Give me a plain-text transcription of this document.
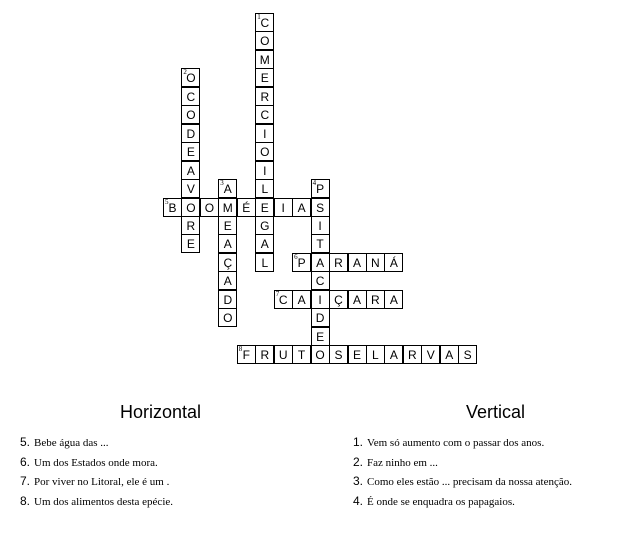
C
1
O
M
E
R
C
I
O
I
L
E
G
A
L
O
2
C
O
D
E
A
V
O
R
E
A
3
M
E
A
Ç
A
D
O
P
4
S
I
T
A
C
I
D
E
B
5	O	É	I	A
P
6	R A N Á
C
7	A	Ç A R A
F
8	R U T O S E L A R V A S
Horizontal	Vertical
5. Bebe água das ...
6. Um dos Estados onde mora.
7. Por viver no Litoral, ele é um .
8. Um dos alimentos desta epécie.
1. Vem só aumento com o passar dos anos.
2. Faz ninho em ...
3. Como eles estão ... precisam da nossa atenção.
4. É onde se enquadra os papagaios.
